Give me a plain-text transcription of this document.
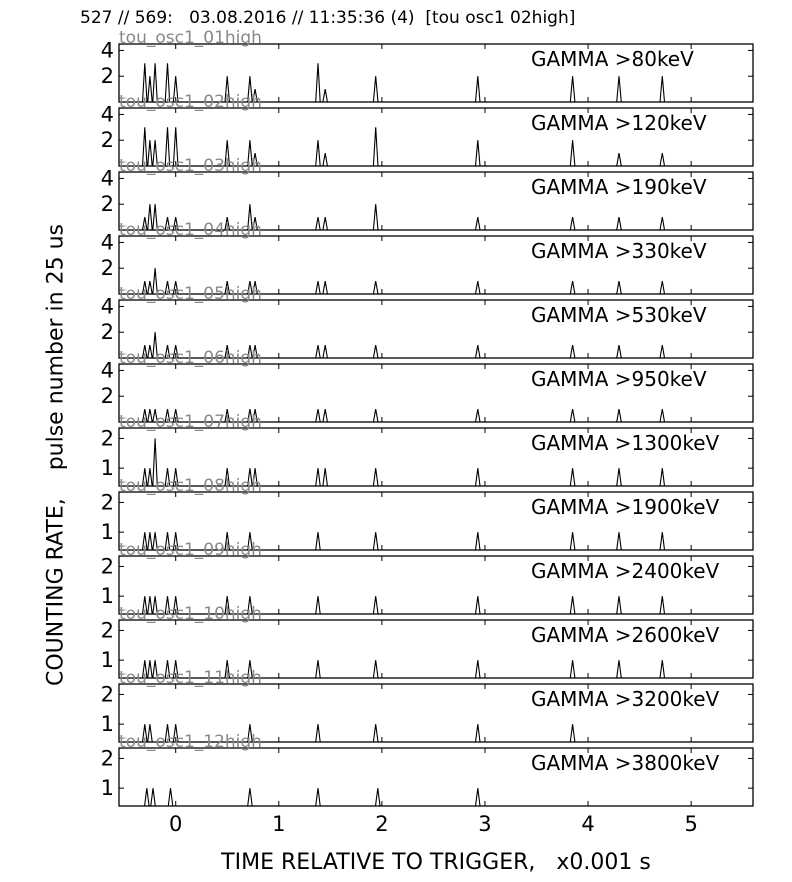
527 // 569:   03.08.2016 // 11:35:36 (4)  [tou osc1 02high]
COUNTING RATE,    pulse number in 25 us
2
4	GAMMA >80keV
tou_osc1_01high
2
4	GAMMA >120keV
tou_osc1_02high
2
4	GAMMA >190keV
tou_osc1_03high
2
4	GAMMA >330keV
tou_osc1_04high
2
4	GAMMA >530keV
tou_osc1_05high
2
4	GAMMA >950keV
tou_osc1_06high
1
2	GAMMA >1300keV
tou_osc1_07high
1
2	GAMMA >1900keV
tou_osc1_08high
1
2	GAMMA >2400keV
tou_osc1_09high
1
2	GAMMA >2600keV
tou_osc1_10high
1
2	GAMMA >3200keV
tou_osc1_11high
0	1	2	3	4	5
1
2	GAMMA >3800keV
tou_osc1_12high
TIME RELATIVE TO TRIGGER,   x0.001 s
